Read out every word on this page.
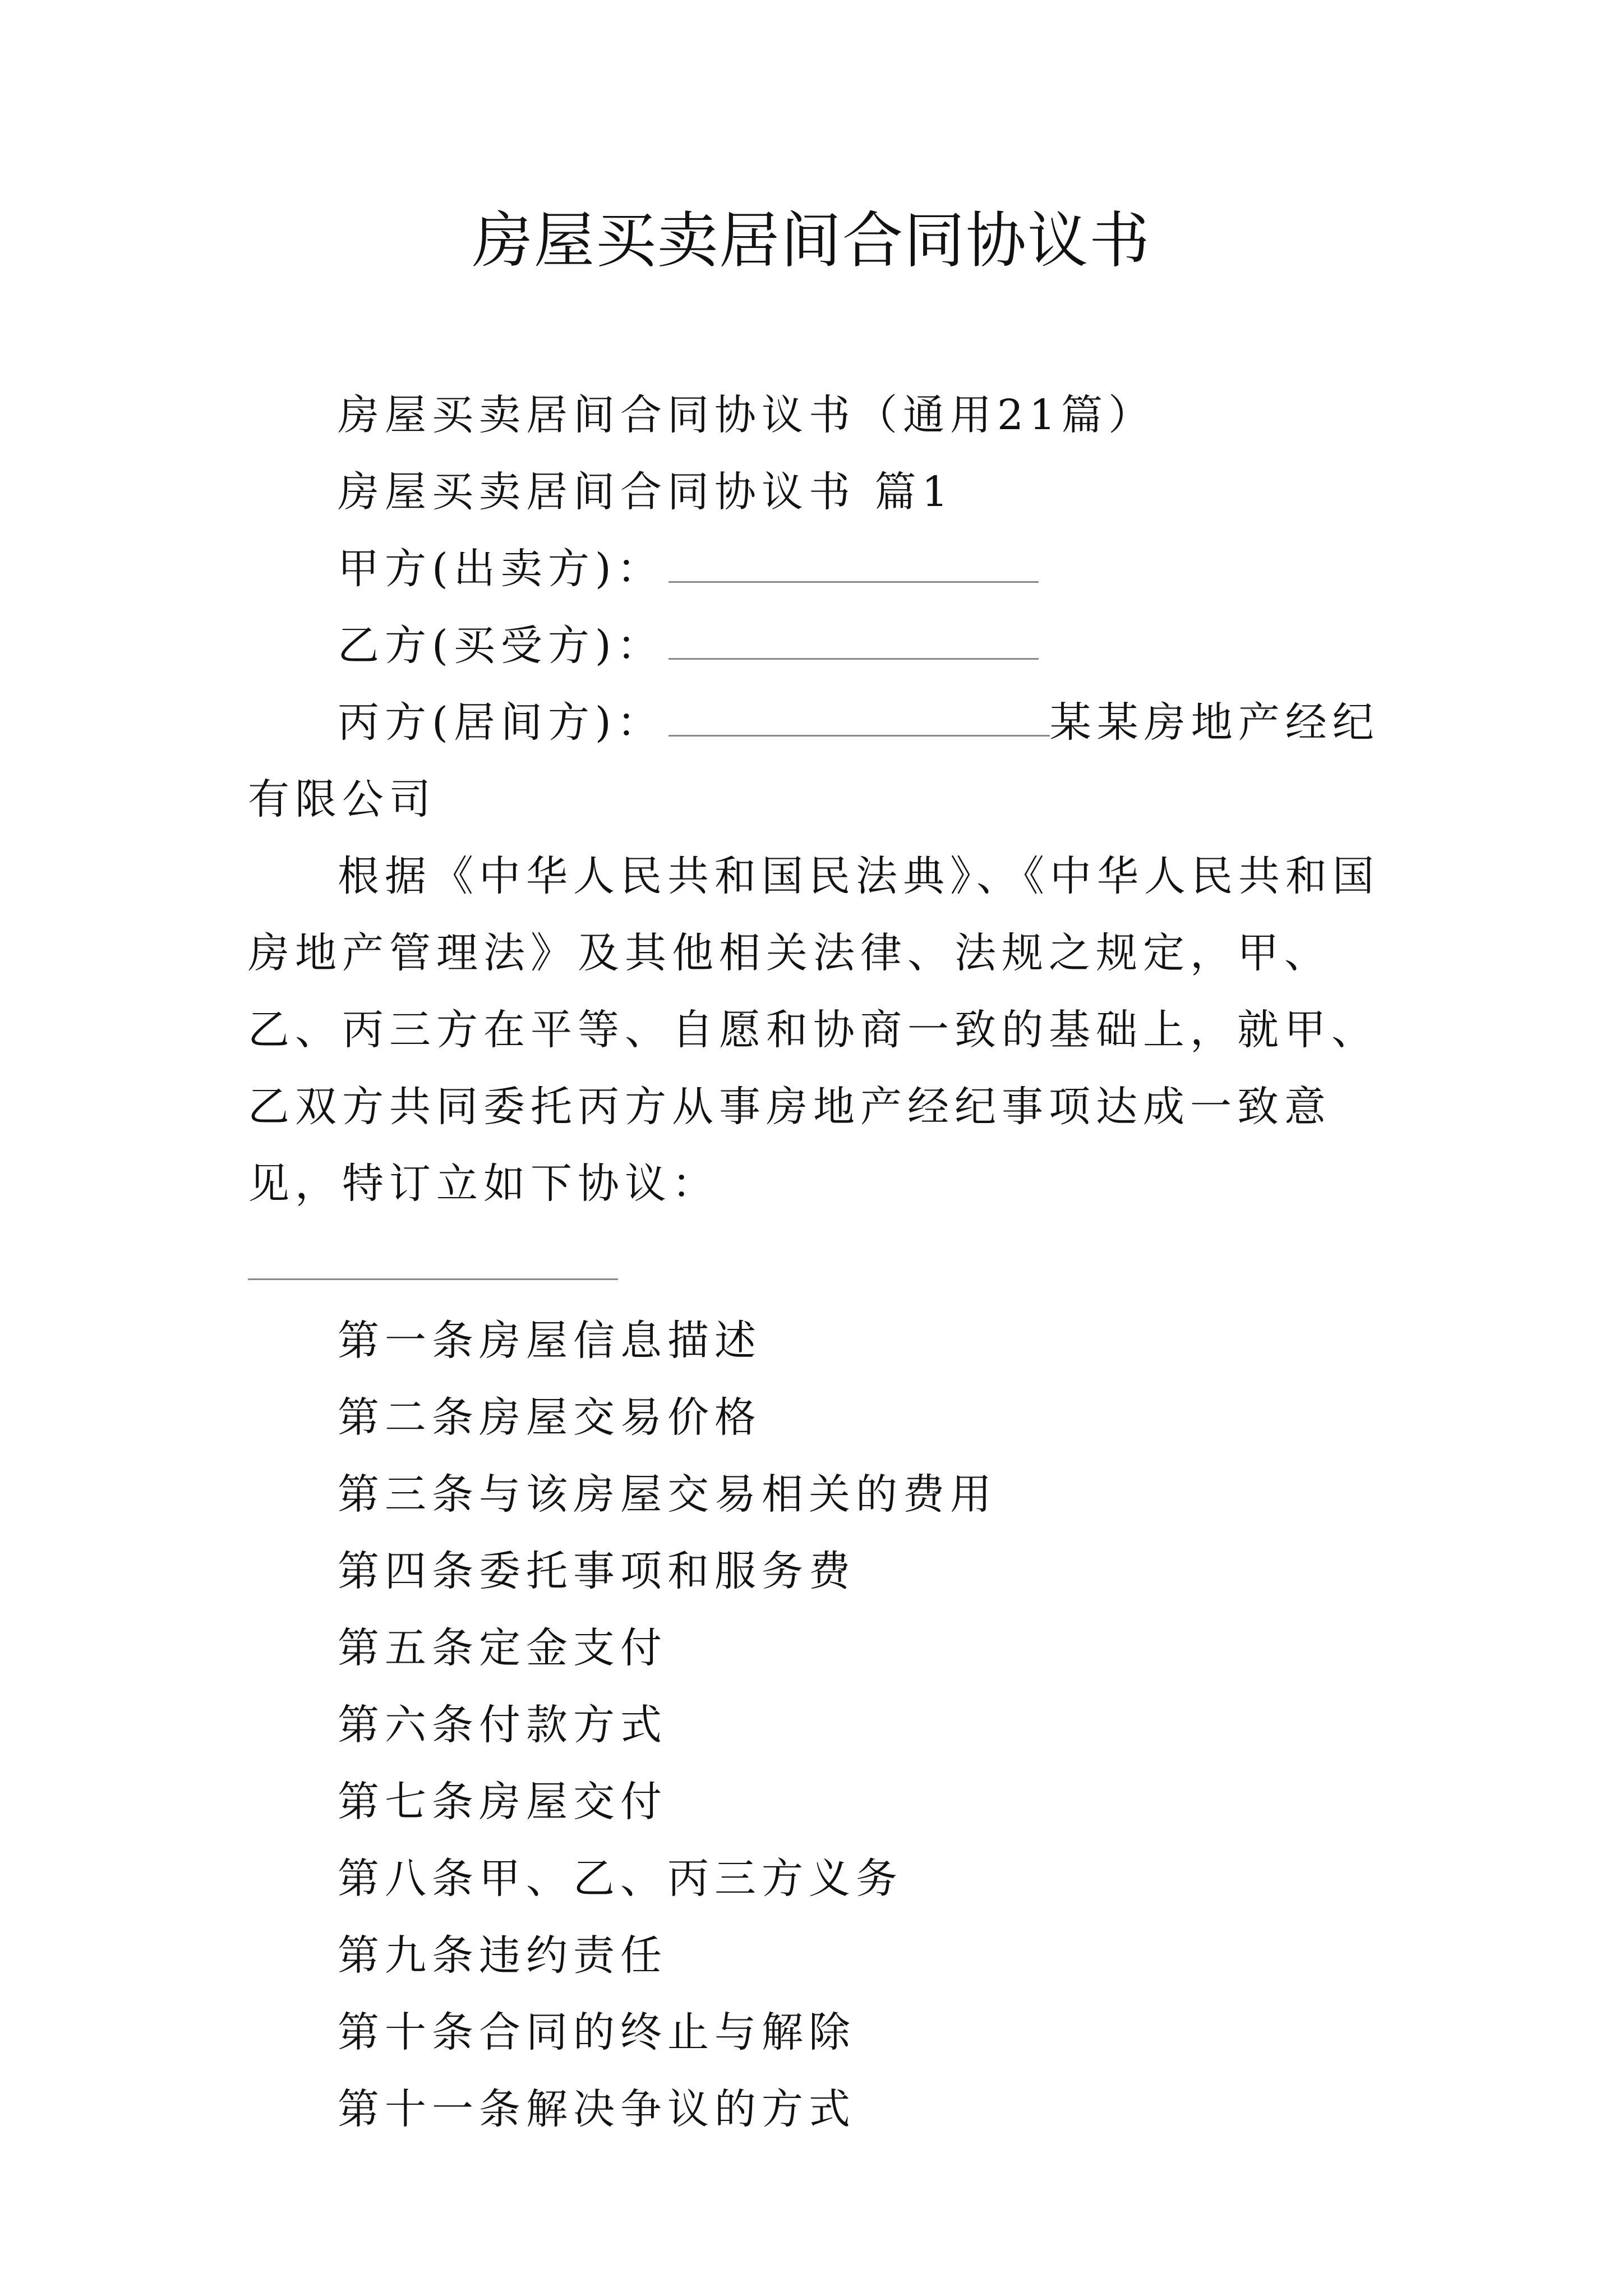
房屋买卖居间合同协议书

房屋买卖居间合同协议书（通用21篇）

房屋买卖居间合同协议书 篇1

甲方(出卖方)：

乙方(买受方)：

丙方(居间方)：	某某房地产经纪有限公司

根据《中华人民共和国民法典》、《中华人民共和国房地产管理法》及其他相关法律、法规之规定，甲、乙、丙三方在平等、自愿和协商一致的基础上，就甲、乙双方共同委托丙方从事房地产经纪事项达成一致意见，特订立如下协议：

第一条房屋信息描述
第二条房屋交易价格
第三条与该房屋交易相关的费用
第四条委托事项和服务费
第五条定金支付
第六条付款方式
第七条房屋交付
第八条甲、乙、丙三方义务
第九条违约责任
第十条合同的终止与解除
第十一条解决争议的方式
